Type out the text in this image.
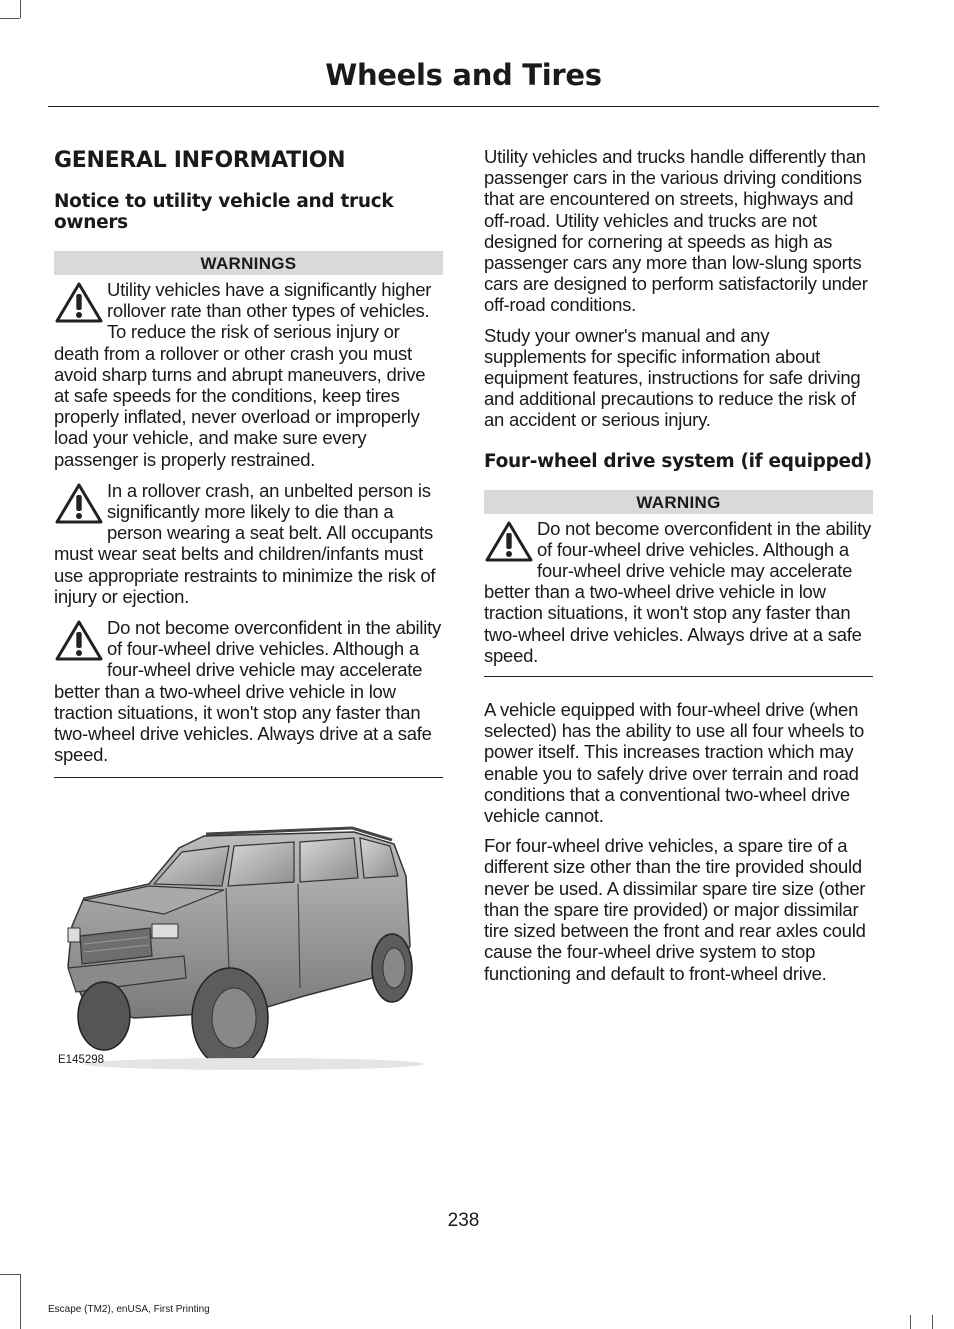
Wheels and Tires
GENERAL INFORMATION
Notice to utility vehicle and truck owners
WARNINGS

Utility vehicles have a significantly higher rollover rate than other types of vehicles. To reduce the risk of serious injury or death from a rollover or other crash you must avoid sharp turns and abrupt maneuvers, drive at safe speeds for the conditions, keep tires properly inflated, never overload or improperly load your vehicle, and make sure every passenger is properly restrained.

In a rollover crash, an unbelted person is significantly more likely to die than a person wearing a seat belt. All occupants must wear seat belts and children/infants must use appropriate restraints to minimize the risk of injury or ejection.

Do not become overconfident in the ability of four-wheel drive vehicles. Although a four-wheel drive vehicle may accelerate better than a two-wheel drive vehicle in low traction situations, it won't stop any faster than two-wheel drive vehicles. Always drive at a safe speed.

E145298

Utility vehicles and trucks handle differently than passenger cars in the various driving conditions that are encountered on streets, highways and off-road. Utility vehicles and trucks are not designed for cornering at speeds as high as passenger cars any more than low-slung sports cars are designed to perform satisfactorily under off-road conditions.

Study your owner's manual and any supplements for specific information about equipment features, instructions for safe driving and additional precautions to reduce the risk of an accident or serious injury.

Four-wheel drive system (if equipped)
WARNING

Do not become overconfident in the ability of four-wheel drive vehicles. Although a four-wheel drive vehicle may accelerate better than a two-wheel drive vehicle in low traction situations, it won't stop any faster than two-wheel drive vehicles. Always drive at a safe speed.

A vehicle equipped with four-wheel drive (when selected) has the ability to use all four wheels to power itself. This increases traction which may enable you to safely drive over terrain and road conditions that a conventional two-wheel drive vehicle cannot.

For four-wheel drive vehicles, a spare tire of a different size other than the tire provided should never be used. A dissimilar spare tire size (other than the spare tire provided) or major dissimilar tire sized between the front and rear axles could cause the four-wheel drive system to stop functioning and default to front-wheel drive.

238
Escape (TM2), enUSA, First Printing
